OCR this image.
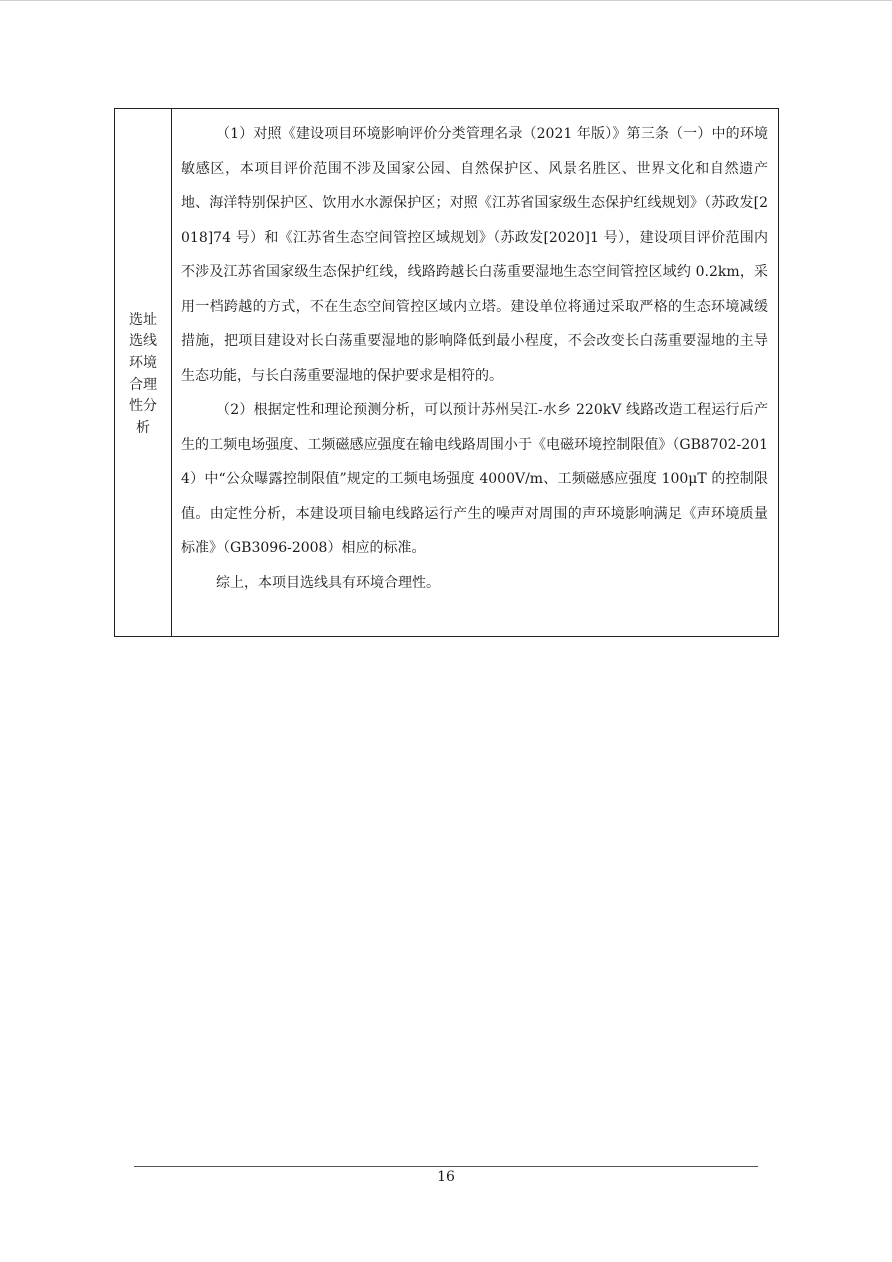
选址
选线
环境
合理
性分
析

（1）对照《建设项目环境影响评价分类管理名录（2021 年版）》第三条（一）中的环境敏感区，本项目评价范围不涉及国家公园、自然保护区、风景名胜区、世界文化和自然遗产地、海洋特别保护区、饮用水水源保护区；对照《江苏省国家级生态保护红线规划》（苏政发[2018]74 号）和《江苏省生态空间管控区域规划》（苏政发[2020]1 号），建设项目评价范围内不涉及江苏省国家级生态保护红线，线路跨越长白荡重要湿地生态空间管控区域约 0.2km，采用一档跨越的方式，不在生态空间管控区域内立塔。建设单位将通过采取严格的生态环境减缓措施，把项目建设对长白荡重要湿地的影响降低到最小程度，不会改变长白荡重要湿地的主导生态功能，与长白荡重要湿地的保护要求是相符的。

（2）根据定性和理论预测分析，可以预计苏州吴江-水乡 220kV 线路改造工程运行后产生的工频电场强度、工频磁感应强度在输电线路周围小于《电磁环境控制限值》（GB8702-2014）中“公众曝露控制限值”规定的工频电场强度 4000V/m、工频磁感应强度 100μT 的控制限值。由定性分析，本建设项目输电线路运行产生的噪声对周围的声环境影响满足《声环境质量标准》（GB3096-2008）相应的标准。

综上，本项目选线具有环境合理性。

16
